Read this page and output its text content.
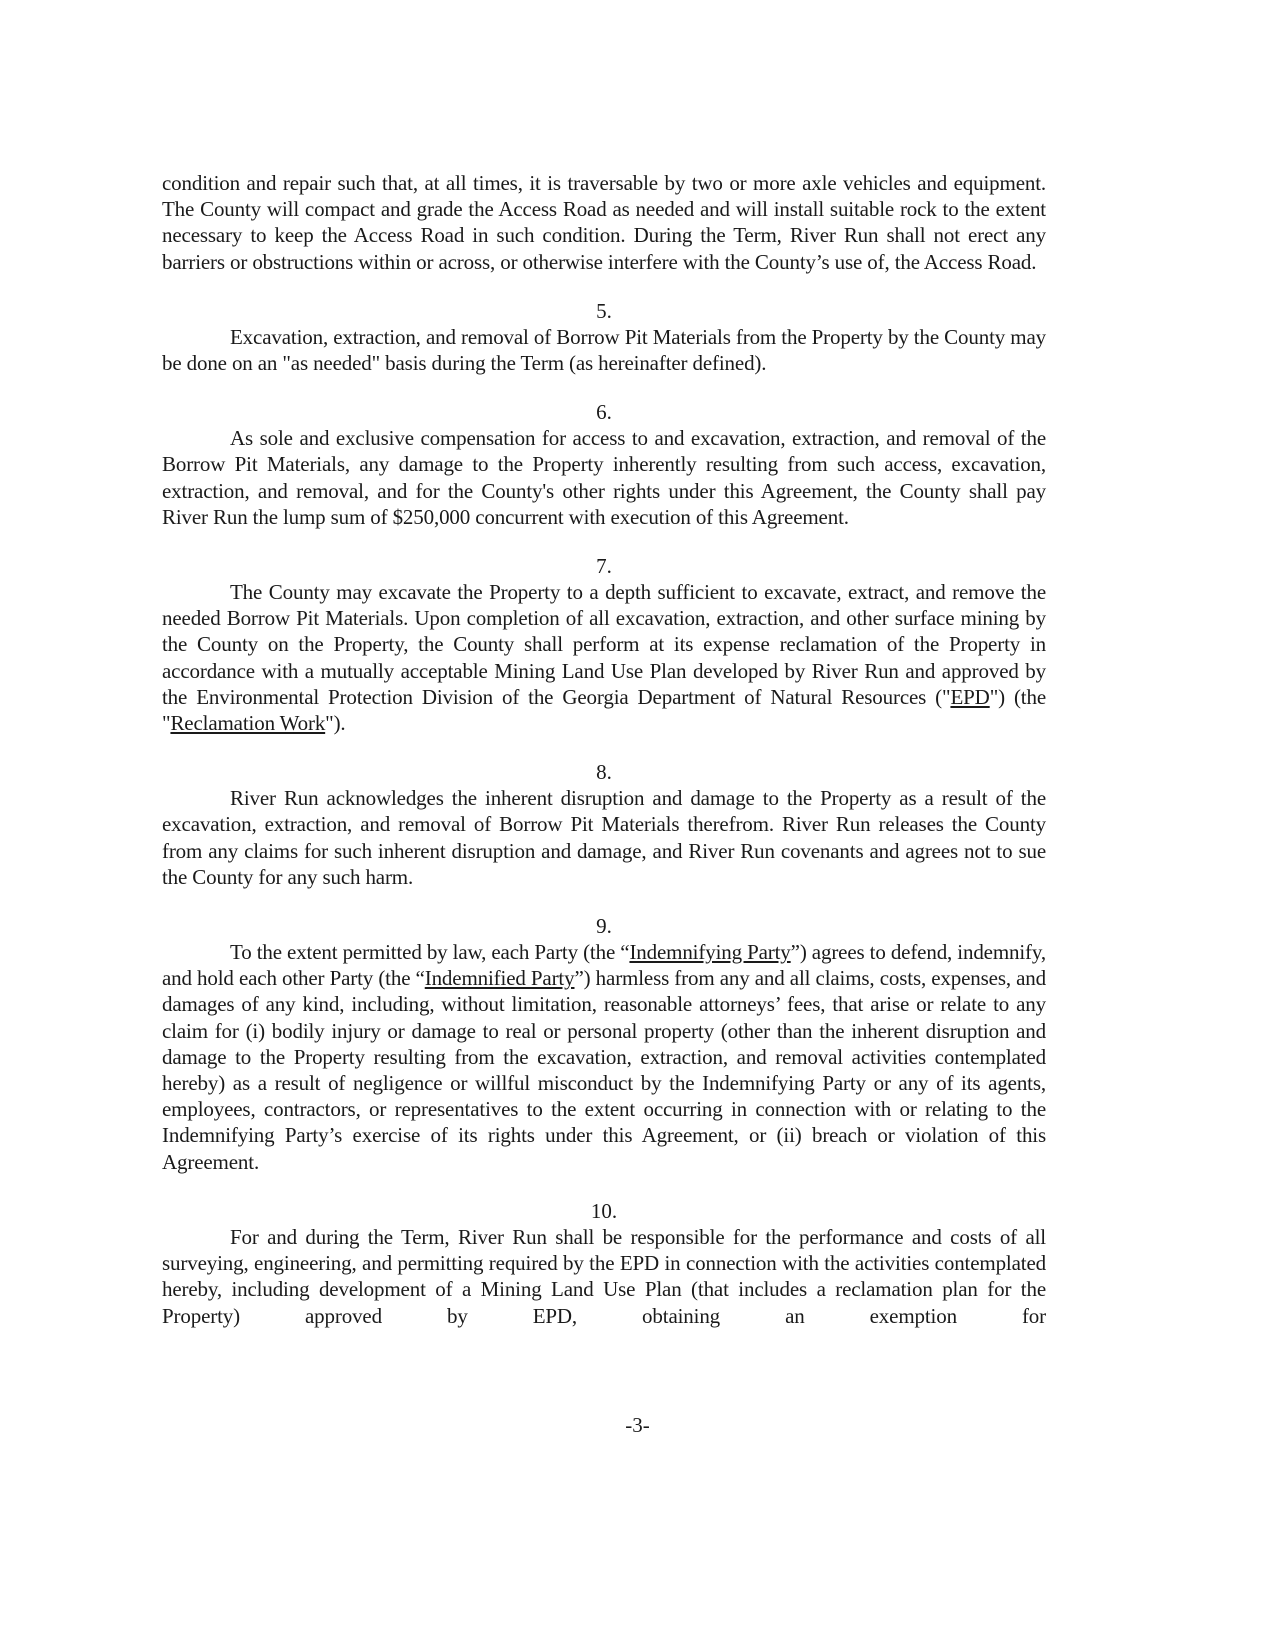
condition and repair such that, at all times, it is traversable by two or more axle vehicles and equipment. The County will compact and grade the Access Road as needed and will install suitable rock to the extent necessary to keep the Access Road in such condition. During the Term, River Run shall not erect any barriers or obstructions within or across, or otherwise interfere with the County’s use of, the Access Road.

5.

Excavation, extraction, and removal of Borrow Pit Materials from the Property by the County may be done on an "as needed" basis during the Term (as hereinafter defined).

6.

As sole and exclusive compensation for access to and excavation, extraction, and removal of the Borrow Pit Materials, any damage to the Property inherently resulting from such access, excavation, extraction, and removal, and for the County's other rights under this Agreement, the County shall pay River Run the lump sum of $250,000 concurrent with execution of this Agreement.

7.

The County may excavate the Property to a depth sufficient to excavate, extract, and remove the needed Borrow Pit Materials. Upon completion of all excavation, extraction, and other surface mining by the County on the Property, the County shall perform at its expense reclamation of the Property in accordance with a mutually acceptable Mining Land Use Plan developed by River Run and approved by the Environmental Protection Division of the Georgia Department of Natural Resources ("EPD") (the "Reclamation Work").

8.

River Run acknowledges the inherent disruption and damage to the Property as a result of the excavation, extraction, and removal of Borrow Pit Materials therefrom. River Run releases the County from any claims for such inherent disruption and damage, and River Run covenants and agrees not to sue the County for any such harm.

9.

To the extent permitted by law, each Party (the “Indemnifying Party”) agrees to defend, indemnify, and hold each other Party (the “Indemnified Party”) harmless from any and all claims, costs, expenses, and damages of any kind, including, without limitation, reasonable attorneys’ fees, that arise or relate to any claim for (i) bodily injury or damage to real or personal property (other than the inherent disruption and damage to the Property resulting from the excavation, extraction, and removal activities contemplated hereby) as a result of negligence or willful misconduct by the Indemnifying Party or any of its agents, employees, contractors, or representatives to the extent occurring in connection with or relating to the Indemnifying Party’s exercise of its rights under this Agreement, or (ii) breach or violation of this Agreement.

10.

For and during the Term, River Run shall be responsible for the performance and costs of all surveying, engineering, and permitting required by the EPD in connection with the activities contemplated hereby, including development of a Mining Land Use Plan (that includes a reclamation plan for the Property) approved by EPD, obtaining an exemption for

-3-
